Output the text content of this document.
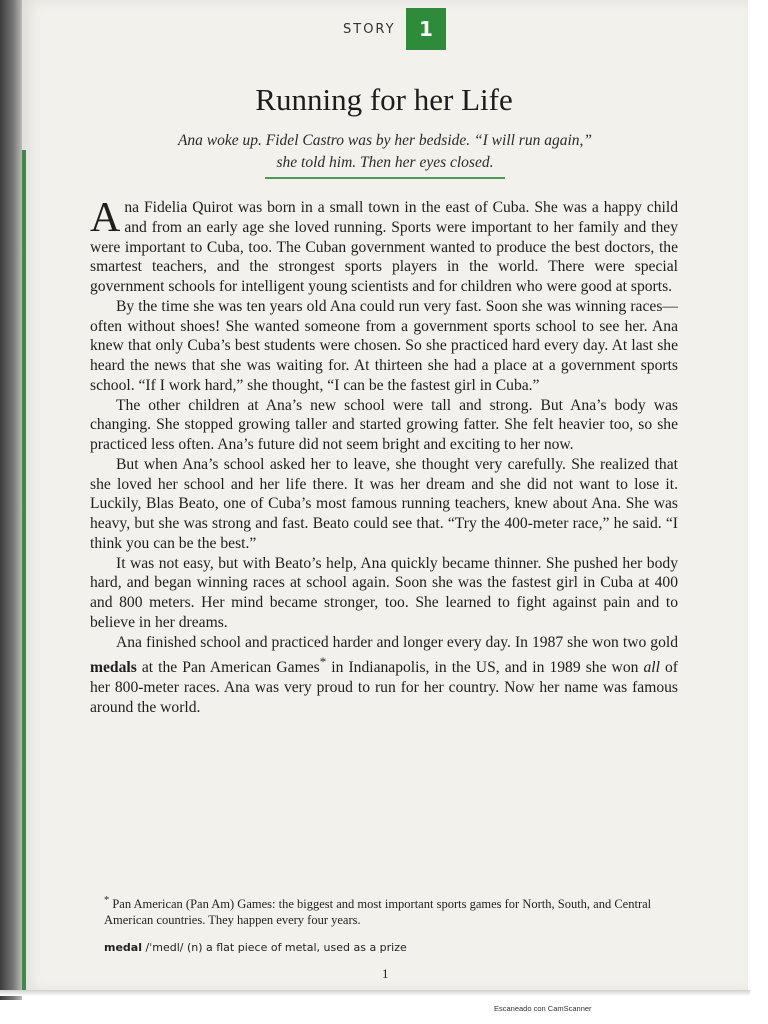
STORY	1
Running for her Life
Ana woke up. Fidel Castro was by her bedside. “I will run again,”
she told him. Then her eyes closed.

Ana Fidelia Quirot was born in a small town in the east of Cuba. She was a happy child and from an early age she loved running. Sports were important to her family and they were important to Cuba, too. The Cuban government wanted to produce the best doctors, the smartest teachers, and the strongest sports players in the world. There were special government schools for intelligent young scientists and for children who were good at sports.

By the time she was ten years old Ana could run very fast. Soon she was winning races—often without shoes! She wanted someone from a government sports school to see her. Ana knew that only Cuba’s best students were chosen. So she practiced hard every day. At last she heard the news that she was waiting for. At thirteen she had a place at a government sports school. “If I work hard,” she thought, “I can be the fastest girl in Cuba.”

The other children at Ana’s new school were tall and strong. But Ana’s body was changing. She stopped growing taller and started growing fatter. She felt heavier too, so she practiced less often. Ana’s future did not seem bright and exciting to her now.

But when Ana’s school asked her to leave, she thought very carefully. She realized that she loved her school and her life there. It was her dream and she did not want to lose it. Luckily, Blas Beato, one of Cuba’s most famous running teachers, knew about Ana. She was heavy, but she was strong and fast. Beato could see that. “Try the 400-meter race,” he said. “I think you can be the best.”

It was not easy, but with Beato’s help, Ana quickly became thinner. She pushed her body hard, and began winning races at school again. Soon she was the fastest girl in Cuba at 400 and 800 meters. Her mind became stronger, too. She learned to fight against pain and to believe in her dreams.

Ana finished school and practiced harder and longer every day. In 1987 she won two gold medals at the Pan American Games* in Indianapolis, in the US, and in 1989 she won all of her 800-meter races. Ana was very proud to run for her country. Now her name was famous around the world.

* Pan American (Pan Am) Games: the biggest and most important sports games for North, South, and Central American countries. They happen every four years.

medal /ˈmedl/ (n) a flat piece of metal, used as a prize
1
Escaneado con CamScanner
